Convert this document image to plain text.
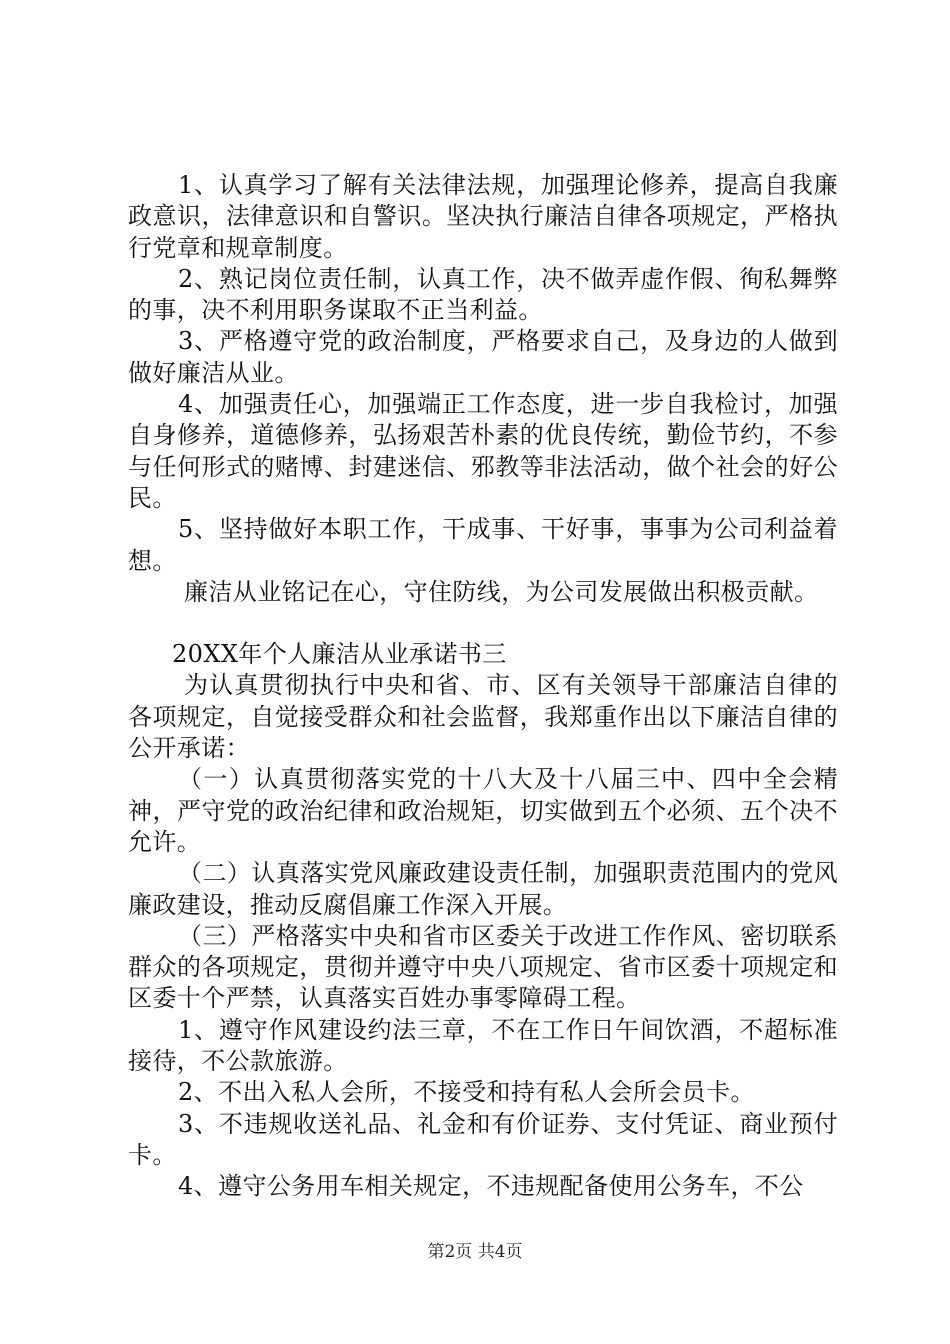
1、认真学习了解有关法律法规，加强理论修养，提高自我廉政意识，法律意识和自警识。坚决执行廉洁自律各项规定，严格执行党章和规章制度。

2、熟记岗位责任制，认真工作，决不做弄虚作假、徇私舞弊的事，决不利用职务谋取不正当利益。

3、严格遵守党的政治制度，严格要求自己，及身边的人做到做好廉洁从业。

4、加强责任心，加强端正工作态度，进一步自我检讨，加强自身修养，道德修养，弘扬艰苦朴素的优良传统，勤俭节约，不参与任何形式的赌博、封建迷信、邪教等非法活动，做个社会的好公民。

5、坚持做好本职工作，干成事、干好事，事事为公司利益着想。

廉洁从业铭记在心，守住防线，为公司发展做出积极贡献。

20XX年个人廉洁从业承诺书三

为认真贯彻执行中央和省、市、区有关领导干部廉洁自律的各项规定，自觉接受群众和社会监督，我郑重作出以下廉洁自律的公开承诺：

（一）认真贯彻落实党的十八大及十八届三中、四中全会精神，严守党的政治纪律和政治规矩，切实做到五个必须、五个决不允许。

（二）认真落实党风廉政建设责任制，加强职责范围内的党风廉政建设，推动反腐倡廉工作深入开展。

（三）严格落实中央和省市区委关于改进工作作风、密切联系群众的各项规定，贯彻并遵守中央八项规定、省市区委十项规定和区委十个严禁，认真落实百姓办事零障碍工程。

1、遵守作风建设约法三章，不在工作日午间饮酒，不超标准接待，不公款旅游。

2、不出入私人会所，不接受和持有私人会所会员卡。

3、不违规收送礼品、礼金和有价证券、支付凭证、商业预付卡。

4、遵守公务用车相关规定，不违规配备使用公务车，不公

第2页 共4页
